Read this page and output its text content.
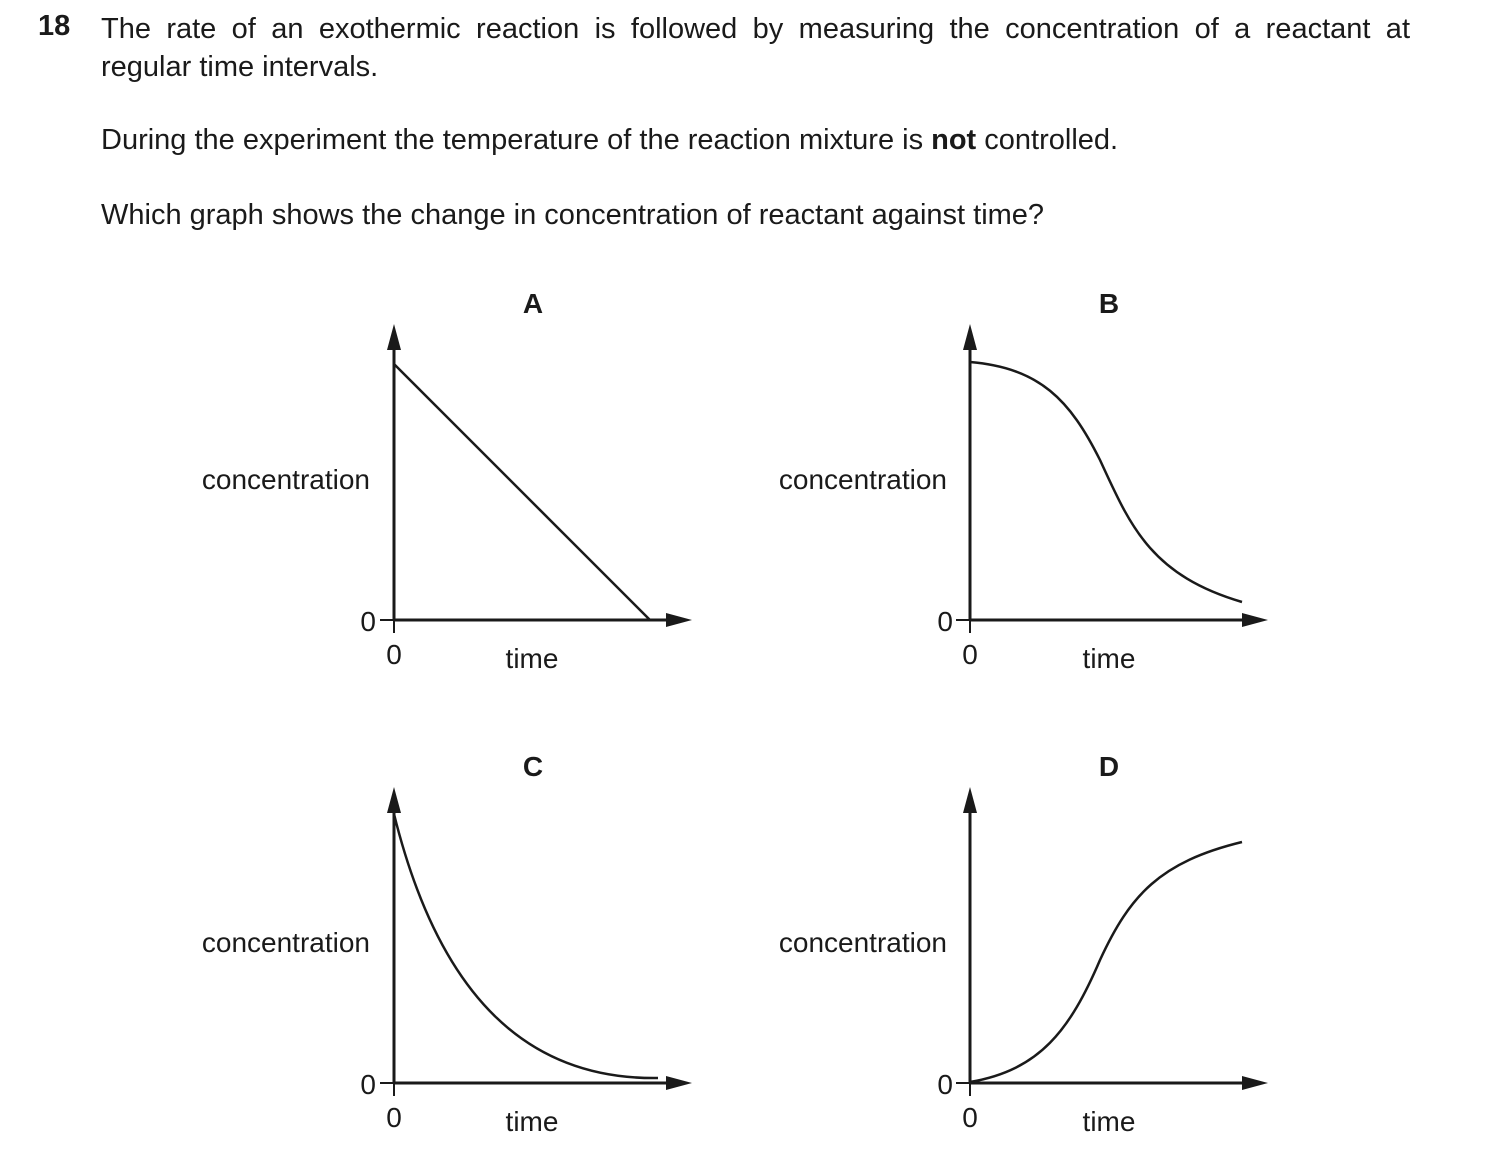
18 The rate of an exothermic reaction is followed by measuring the concentration of a reactant at
regular time intervals.
During the experiment the temperature of the reaction mixture is not controlled.
Which graph shows the change in concentration of reactant against time?
A
concentration
time
0
0
B
concentration
time
0
0
C
concentration
time
0
0
D
concentration
time
0
0
